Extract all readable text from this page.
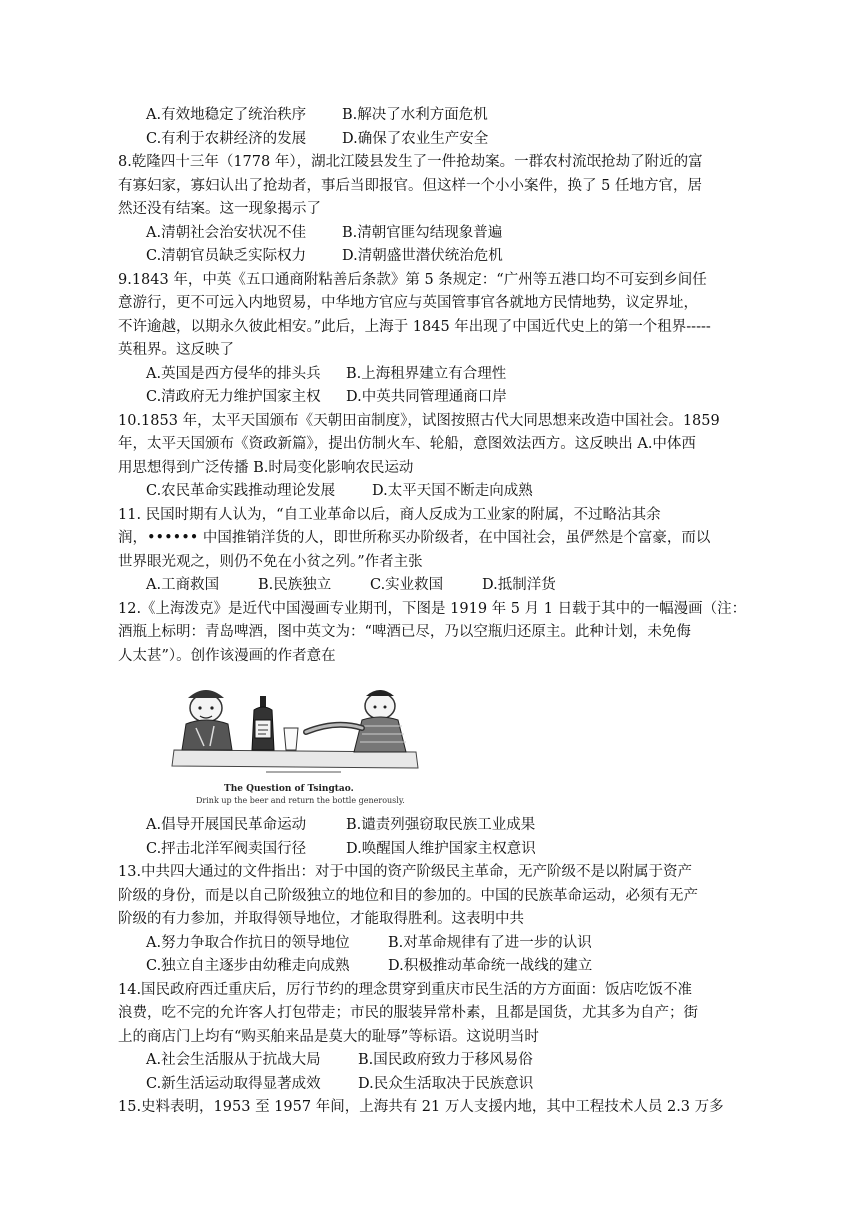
A.有效地稳定了统治秩序 B.解决了水利方面危机
C.有利于农耕经济的发展 D.确保了农业生产安全
8.乾隆四十三年（1778 年），湖北江陵县发生了一件抢劫案。一群农村流氓抢劫了附近的富
有寡妇家，寡妇认出了抢劫者，事后当即报官。但这样一个小小案件，换了 5 任地方官，居
然还没有结案。这一现象揭示了
A.清朝社会治安状况不佳 B.清朝官匪勾结现象普遍
C.清朝官员缺乏实际权力 D.清朝盛世潜伏统治危机
9.1843 年，中英《五口通商附粘善后条款》第 5 条规定：“广州等五港口均不可妄到乡间任
意游行，更不可远入内地贸易，中华地方官应与英国管事官各就地方民情地势，议定界址，
不许逾越，以期永久彼此相安。”此后，上海于 1845 年出现了中国近代史上的第一个租界-----
英租界。这反映了
A.英国是西方侵华的排头兵 B.上海租界建立有合理性
C.清政府无力维护国家主权 D.中英共同管理通商口岸
10.1853 年，太平天国颁布《天朝田亩制度》，试图按照古代大同思想来改造中国社会。1859
年，太平天国颁布《资政新篇》，提出仿制火车、轮船，意图效法西方。这反映出 A.中体西
用思想得到广泛传播 B.时局变化影响农民运动
C.农民革命实践推动理论发展	D.太平天国不断走向成熟
11. 民国时期有人认为，“自工业革命以后，商人反成为工业家的附属，不过略沾其余
润，•••••• 中国推销洋货的人，即世所称买办阶级者，在中国社会，虽俨然是个富豪，而以
世界眼光观之，则仍不免在小贫之列。”作者主张
A.工商救国	B.民族独立	C.实业救国	D.抵制洋货
12.《上海泼克》是近代中国漫画专业期刊，下图是 1919 年 5 月 1 日载于其中的一幅漫画（注：
酒瓶上标明：青岛啤酒，图中英文为：“啤酒已尽，乃以空瓶归还原主。此种计划，未免侮
人太甚”）。创作该漫画的作者意在
The Question of Tsingtao.
Drink up the beer and return the bottle generously.
A.倡导开展国民革命运动	B.谴责列强窃取民族工业成果
C.抨击北洋军阀卖国行径	D.唤醒国人维护国家主权意识
13.中共四大通过的文件指出：对于中国的资产阶级民主革命，无产阶级不是以附属于资产
阶级的身份，而是以自己阶级独立的地位和目的参加的。中国的民族革命运动，必须有无产
阶级的有力参加，并取得领导地位，才能取得胜利。这表明中共
A.努力争取合作抗日的领导地位	B.对革命规律有了进一步的认识
C.独立自主逐步由幼稚走向成熟	D.积极推动革命统一战线的建立
14.国民政府西迁重庆后，厉行节约的理念贯穿到重庆市民生活的方方面面：饭店吃饭不准
浪费，吃不完的允许客人打包带走；市民的服装异常朴素，且都是国货，尤其多为自产；街
上的商店门上均有“购买舶来品是莫大的耻辱”等标语。这说明当时
A.社会生活服从于抗战大局	B.国民政府致力于移风易俗
C.新生活运动取得显著成效	D.民众生活取决于民族意识
15.史料表明，1953 至 1957 年间，上海共有 21 万人支援内地，其中工程技术人员 2.3 万多
